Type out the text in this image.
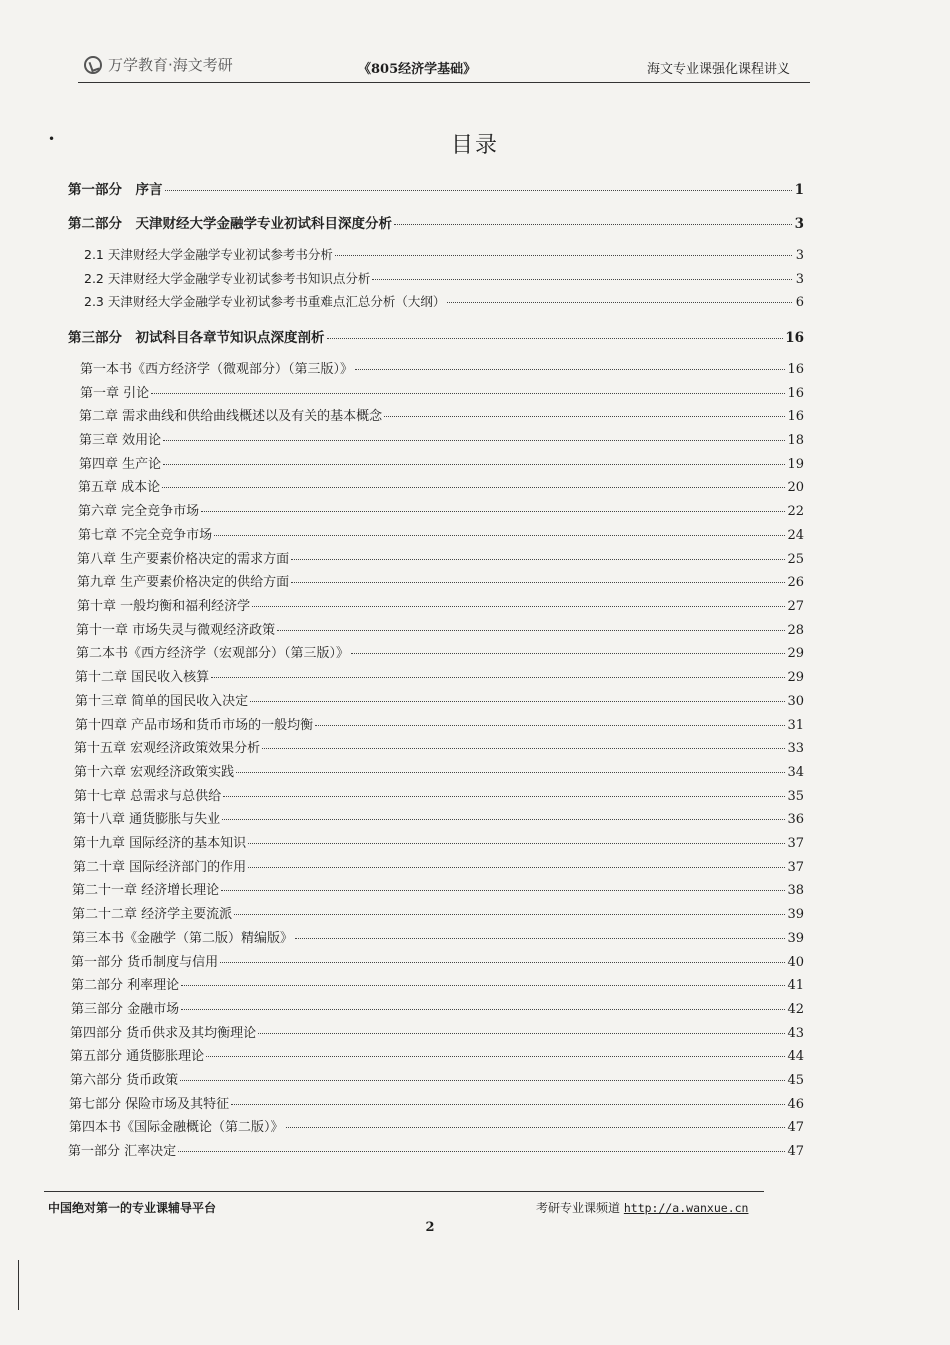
万学教育·海文考研	《805经济学基础》	海文专业课强化课程讲义
•	目录
第一部分　序言	1
第二部分　天津财经大学金融学专业初试科目深度分析	3
2.1 天津财经大学金融学专业初试参考书分析	3
2.2 天津财经大学金融学专业初试参考书知识点分析	3
2.3 天津财经大学金融学专业初试参考书重难点汇总分析（大纲）	6
第三部分　初试科目各章节知识点深度剖析	16
第一本书《西方经济学（微观部分）（第三版）》	16
第一章 引论	16
第二章 需求曲线和供给曲线概述以及有关的基本概念	16
第三章 效用论	18
第四章 生产论	19
第五章 成本论	20
第六章 完全竞争市场	22
第七章 不完全竞争市场	24
第八章 生产要素价格决定的需求方面	25
第九章 生产要素价格决定的供给方面	26
第十章 一般均衡和福利经济学	27
第十一章 市场失灵与微观经济政策	28
第二本书《西方经济学（宏观部分）（第三版）》	29
第十二章 国民收入核算	29
第十三章 简单的国民收入决定	30
第十四章 产品市场和货币市场的一般均衡	31
第十五章 宏观经济政策效果分析	33
第十六章 宏观经济政策实践	34
第十七章 总需求与总供给	35
第十八章 通货膨胀与失业	36
第十九章 国际经济的基本知识	37
第二十章 国际经济部门的作用	37
第二十一章 经济增长理论	38
第二十二章 经济学主要流派	39
第三本书《金融学（第二版）精编版》	39
第一部分 货币制度与信用	40
第二部分 利率理论	41
第三部分 金融市场	42
第四部分 货币供求及其均衡理论	43
第五部分 通货膨胀理论	44
第六部分 货币政策	45
第七部分 保险市场及其特征	46
第四本书《国际金融概论（第二版）》	47
第一部分 汇率决定	47
中国绝对第一的专业课辅导平台	考研专业课频道 http://a.wanxue.cn
2
